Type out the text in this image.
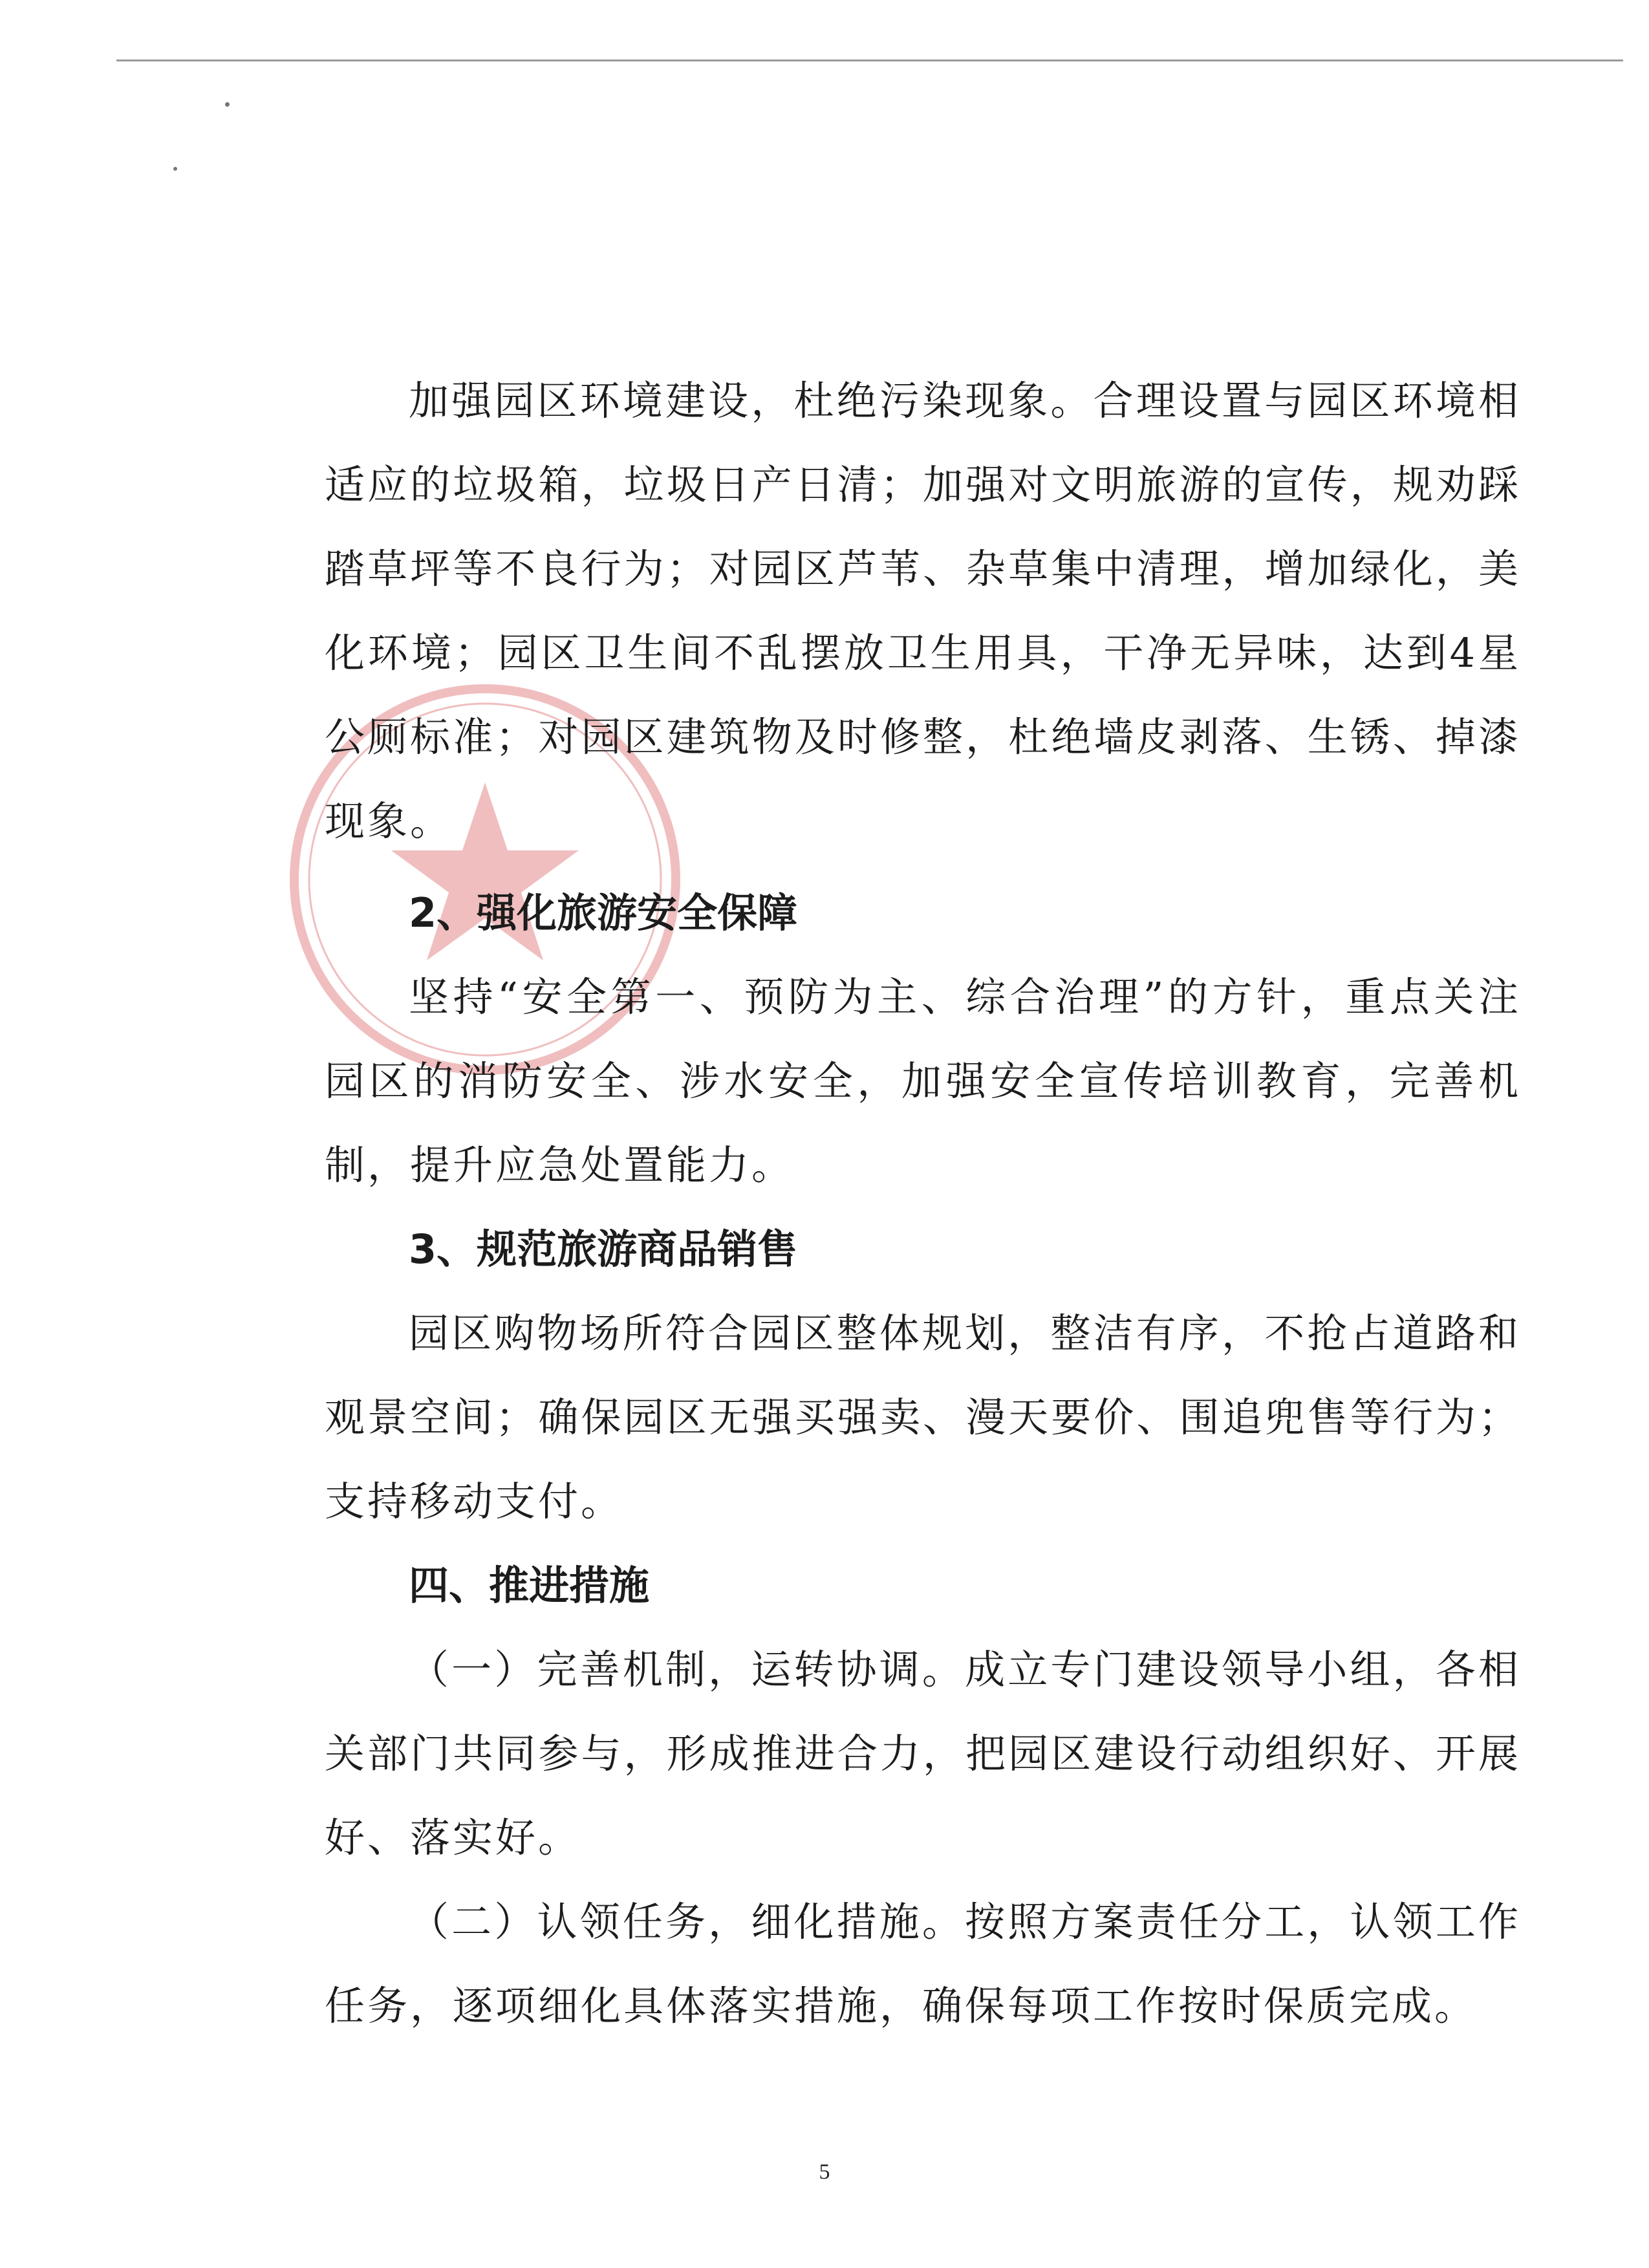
加强园区环境建设，杜绝污染现象。合理设置与园区环境相适应的垃圾箱，垃圾日产日清；加强对文明旅游的宣传，规劝踩踏草坪等不良行为；对园区芦苇、杂草集中清理，增加绿化，美化环境；园区卫生间不乱摆放卫生用具，干净无异味，达到4星公厕标准；对园区建筑物及时修整，杜绝墙皮剥落、生锈、掉漆现象。

2、强化旅游安全保障

坚持“安全第一、预防为主、综合治理”的方针，重点关注园区的消防安全、涉水安全，加强安全宣传培训教育，完善机制，提升应急处置能力。

3、规范旅游商品销售

园区购物场所符合园区整体规划，整洁有序，不抢占道路和观景空间；确保园区无强买强卖、漫天要价、围追兜售等行为；支持移动支付。

四、推进措施

（一）完善机制，运转协调。成立专门建设领导小组，各相关部门共同参与，形成推进合力，把园区建设行动组织好、开展好、落实好。

（二）认领任务，细化措施。按照方案责任分工，认领工作任务，逐项细化具体落实措施，确保每项工作按时保质完成。

5
